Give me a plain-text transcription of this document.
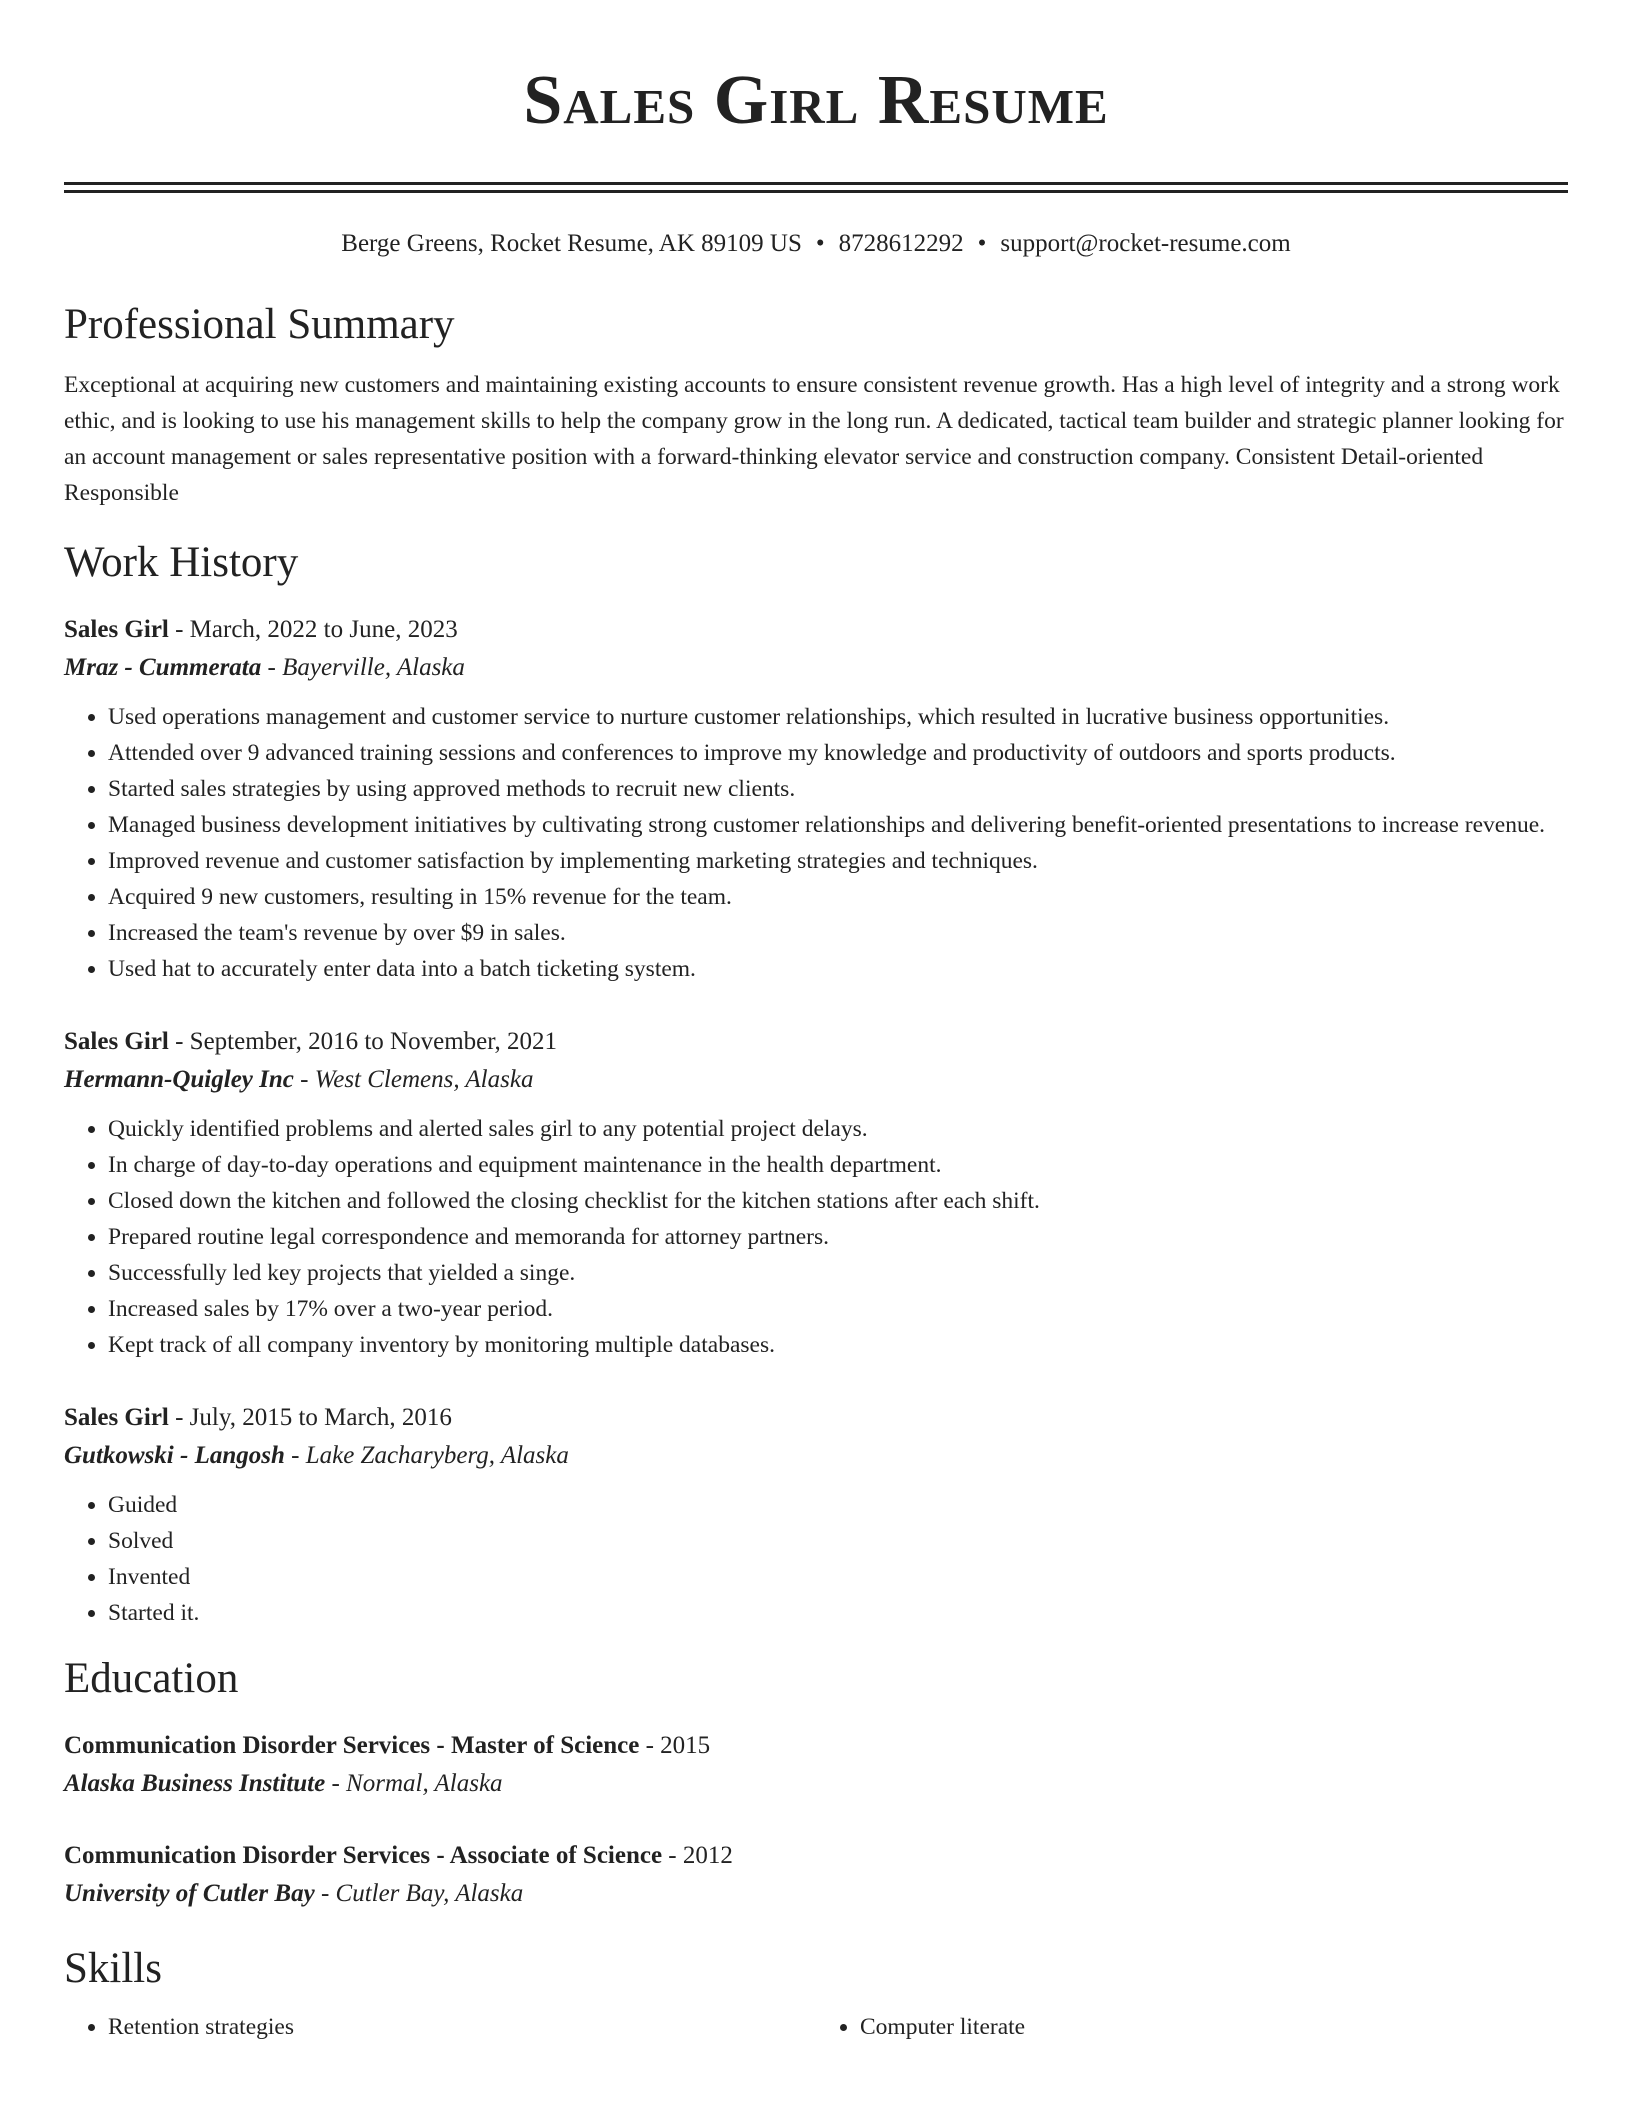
Sales Girl Resume
Berge Greens, Rocket Resume, AK 89109 US • 8728612292 • support@rocket-resume.com
Professional Summary
Exceptional at acquiring new customers and maintaining existing accounts to ensure consistent revenue growth. Has a high level of integrity and a strong work ethic, and is looking to use his management skills to help the company grow in the long run. A dedicated, tactical team builder and strategic planner looking for an account management or sales representative position with a forward-thinking elevator service and construction company. Consistent Detail-oriented Responsible
Work History
Sales Girl - March, 2022 to June, 2023
Mraz - Cummerata - Bayerville, Alaska
• Used operations management and customer service to nurture customer relationships, which resulted in lucrative business opportunities.
• Attended over 9 advanced training sessions and conferences to improve my knowledge and productivity of outdoors and sports products.
• Started sales strategies by using approved methods to recruit new clients.
• Managed business development initiatives by cultivating strong customer relationships and delivering benefit-oriented presentations to increase revenue.
• Improved revenue and customer satisfaction by implementing marketing strategies and techniques.
• Acquired 9 new customers, resulting in 15% revenue for the team.
• Increased the team's revenue by over $9 in sales.
• Used hat to accurately enter data into a batch ticketing system.
Sales Girl - September, 2016 to November, 2021
Hermann-Quigley Inc - West Clemens, Alaska
• Quickly identified problems and alerted sales girl to any potential project delays.
• In charge of day-to-day operations and equipment maintenance in the health department.
• Closed down the kitchen and followed the closing checklist for the kitchen stations after each shift.
• Prepared routine legal correspondence and memoranda for attorney partners.
• Successfully led key projects that yielded a singe.
• Increased sales by 17% over a two-year period.
• Kept track of all company inventory by monitoring multiple databases.
Sales Girl - July, 2015 to March, 2016
Gutkowski - Langosh - Lake Zacharyberg, Alaska
• Guided
• Solved
• Invented
• Started it.
Education
Communication Disorder Services - Master of Science - 2015
Alaska Business Institute - Normal, Alaska
Communication Disorder Services - Associate of Science - 2012
University of Cutler Bay - Cutler Bay, Alaska
Skills
• Retention strategies
•	Computer literate
